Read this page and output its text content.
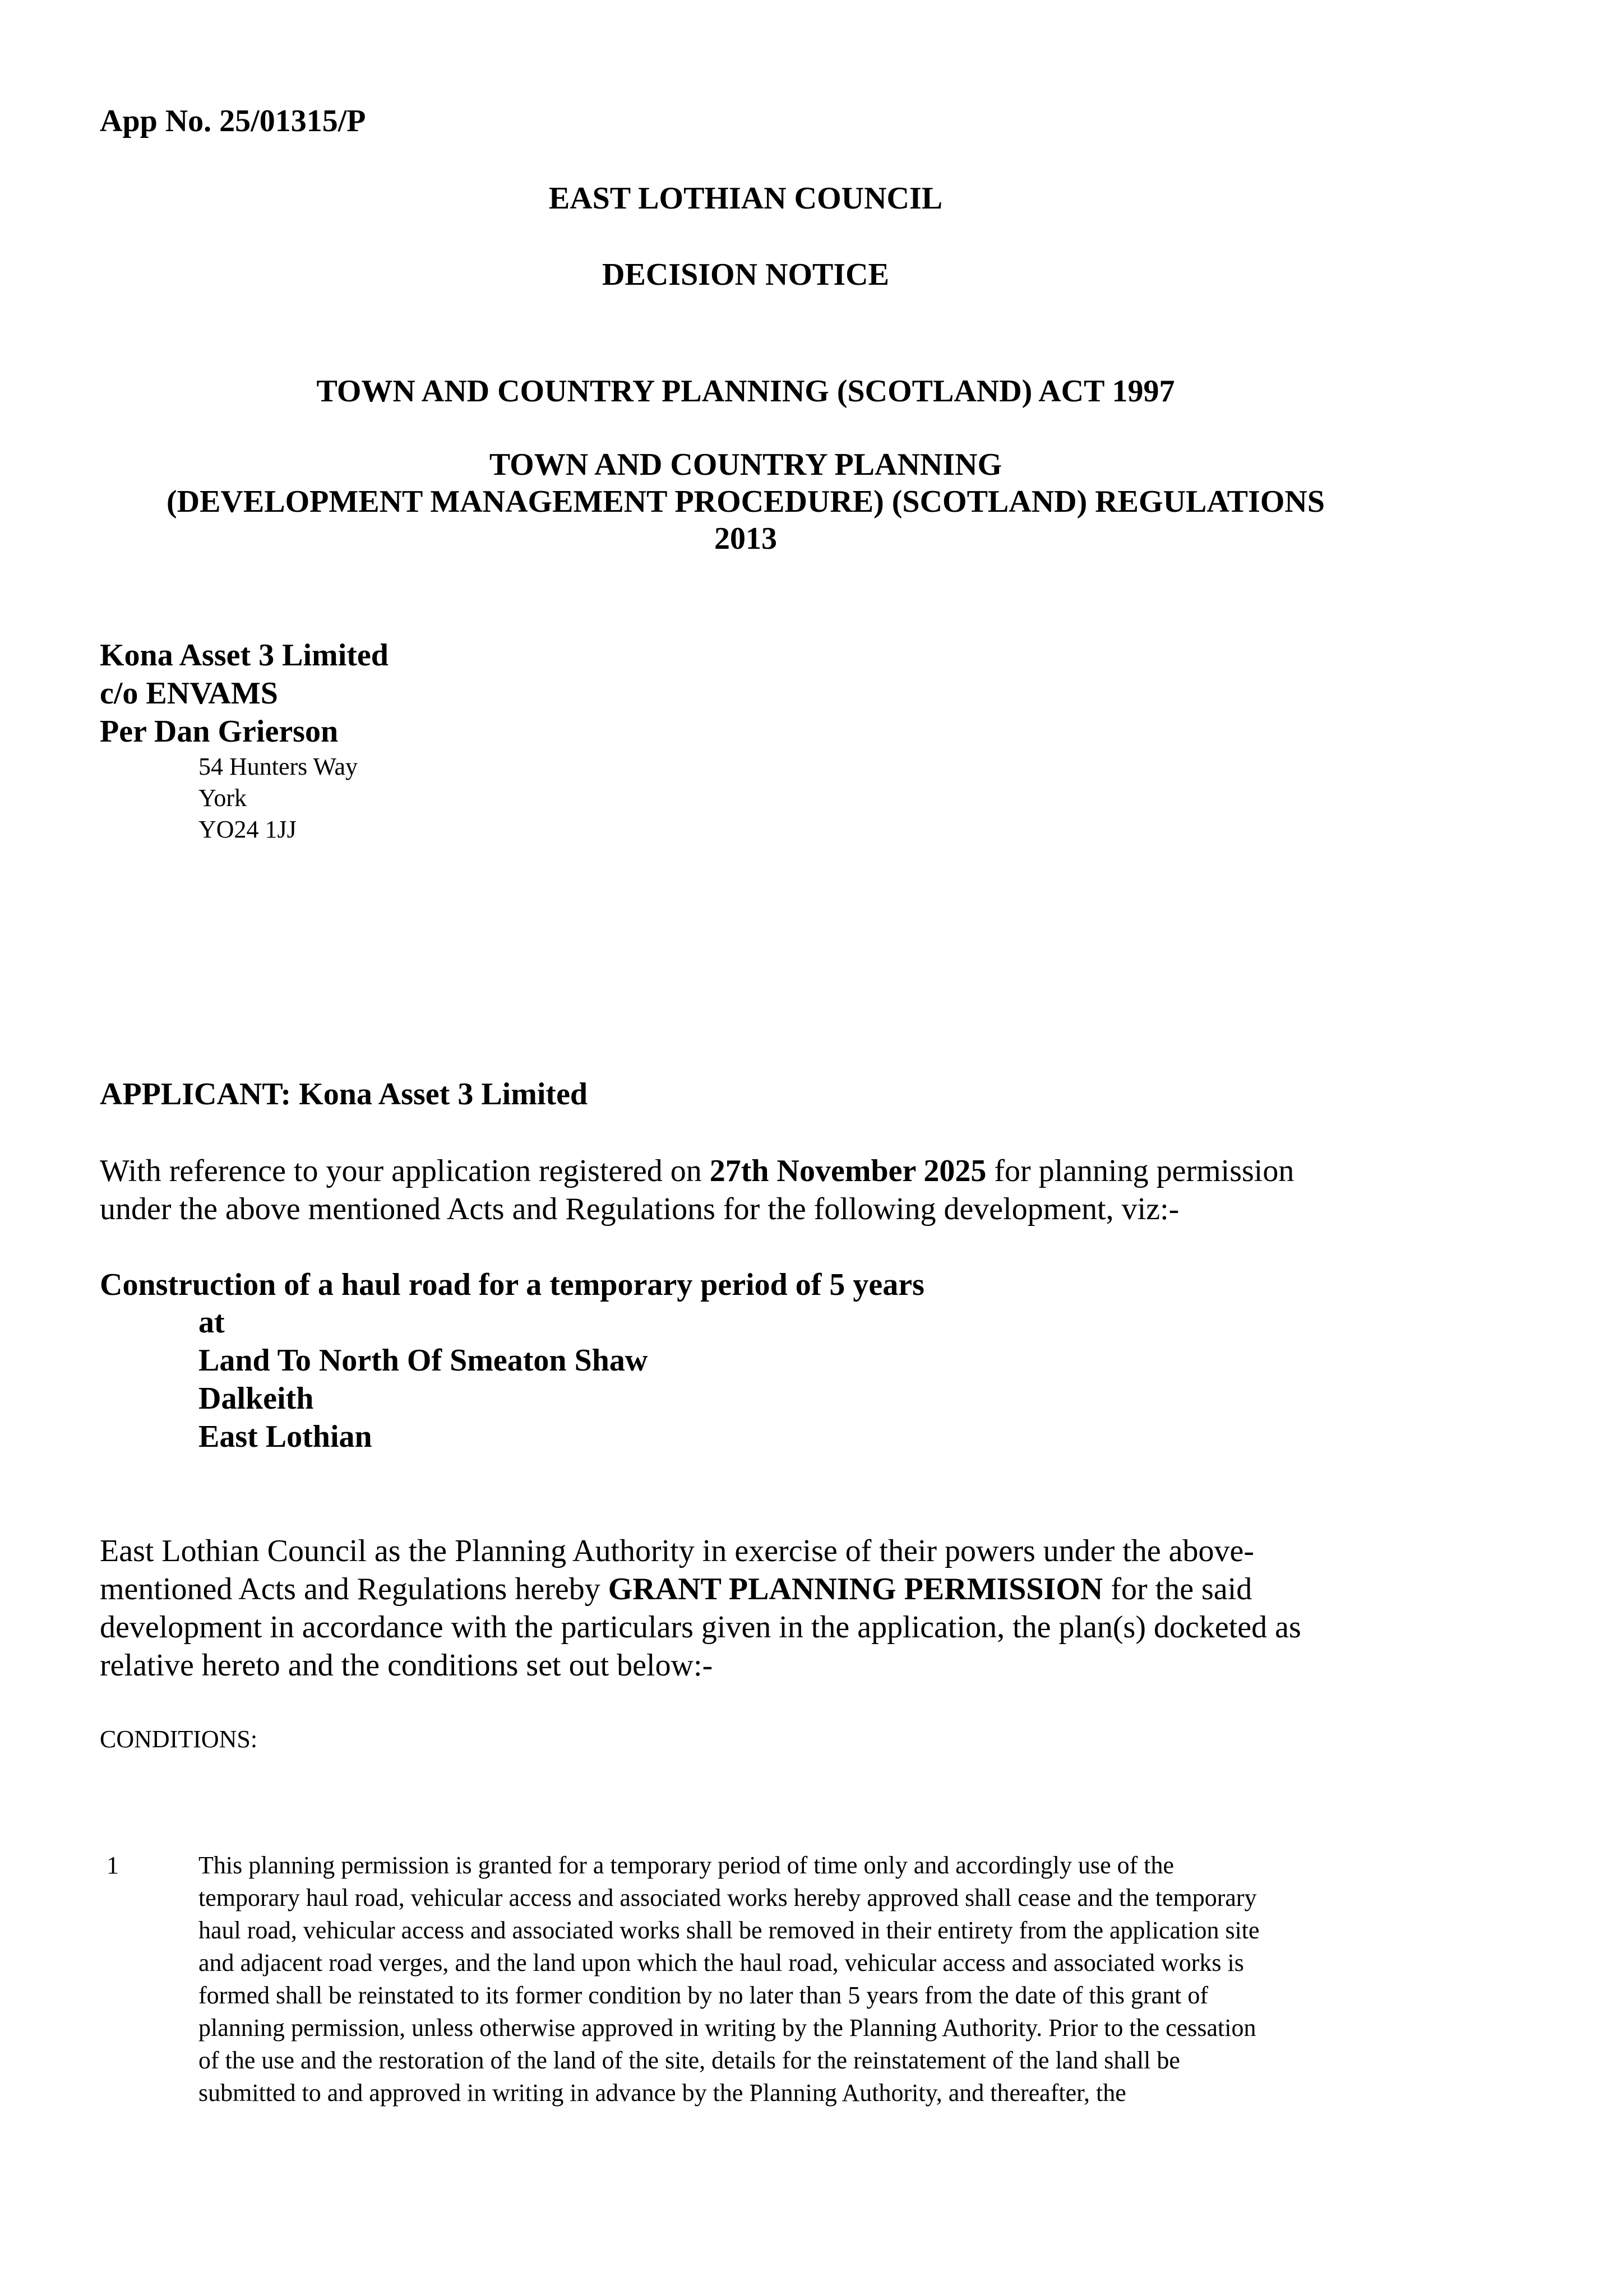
App No. 25/01315/P
EAST LOTHIAN COUNCIL
DECISION NOTICE
TOWN AND COUNTRY PLANNING (SCOTLAND) ACT 1997
TOWN AND COUNTRY PLANNING
(DEVELOPMENT MANAGEMENT PROCEDURE) (SCOTLAND) REGULATIONS
2013
Kona Asset 3 Limited
c/o ENVAMS
Per Dan Grierson
54 Hunters Way
York
YO24 1JJ
APPLICANT: Kona Asset 3 Limited
With reference to your application registered on 27th November 2025 for planning permission
under the above mentioned Acts and Regulations for the following development, viz:-
Construction of a haul road for a temporary period of 5 years
at
Land To North Of Smeaton Shaw
Dalkeith
East Lothian
East Lothian Council as the Planning Authority in exercise of their powers under the above-
mentioned Acts and Regulations hereby GRANT PLANNING PERMISSION for the said
development in accordance with the particulars given in the application, the plan(s) docketed as
relative hereto and the conditions set out below:-
CONDITIONS:
1	This planning permission is granted for a temporary period of time only and accordingly use of the
temporary haul road, vehicular access and associated works hereby approved shall cease and the temporary
haul road, vehicular access and associated works shall be removed in their entirety from the application site
and adjacent road verges, and the land upon which the haul road, vehicular access and associated works is
formed shall be reinstated to its former condition by no later than 5 years from the date of this grant of
planning permission, unless otherwise approved in writing by the Planning Authority. Prior to the cessation
of the use and the restoration of the land of the site, details for the reinstatement of the land shall be
submitted to and approved in writing in advance by the Planning Authority, and thereafter, the
